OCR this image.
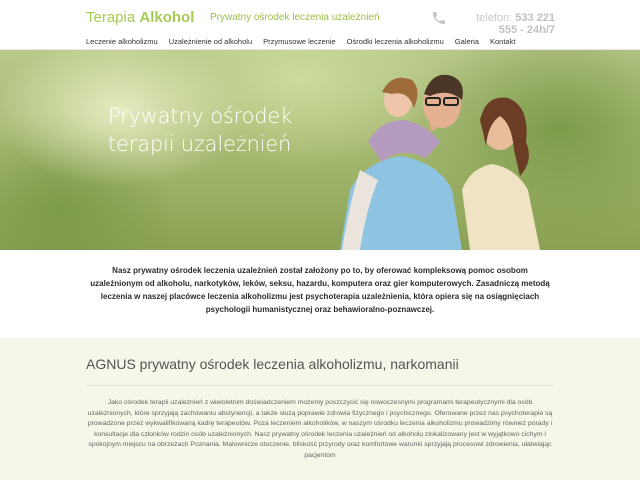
Terapia Alkohol Prywatny ośrodek leczenia uzależnień	telefon: 533 221
555 - 24h/7
Leczenie alkoholizmu Uzależnienie od alkoholu Przymusowe leczenie Ośrodki leczenia alkoholizmu Galeria Kontakt
Prywatny ośrodek
terapii uzależnień
Nasz prywatny ośrodek leczenia uzależnień został założony po to, by oferować kompleksową pomoc osobom uzależnionym od alkoholu, narkotyków, leków, seksu, hazardu, komputera oraz gier komputerowych. Zasadniczą metodą leczenia w naszej placówce leczenia alkoholizmu jest psychoterapia uzależnienia, która opiera się na osiągnięciach psychologii humanistycznej oraz behawioralno-poznawczej.
AGNUS prywatny ośrodek leczenia alkoholizmu, narkomanii
Jako ośrodek terapii uzależnień z wieloletnim doświadczeniem możemy poszczycić się nowoczesnymi programami terapeutycznymi dla osób uzależnionych, które sprzyjają zachowaniu abstynencji, a także służą poprawie zdrowia fizycznego i psychicznego. Oferowane przez nas psychoterapie są prowadzone przez wykwalifikowaną kadrę terapeutów. Poza leczeniem alkoholików, w naszym ośrodku leczenia alkoholizmu prowadzimy również porady i konsultacje dla członków rodzin osób uzależnionych. Nasz prywatny ośrodek leczenia uzależnień od alkoholu zlokalizowany jest w wyjątkowo cichym i spokojnym miejscu na obrzeżach Poznania. Malownicze otoczenie, bliskość przyrody oraz komfortowe warunki sprzyjają procesowi zdrowienia, ułatwiając pacjentom
